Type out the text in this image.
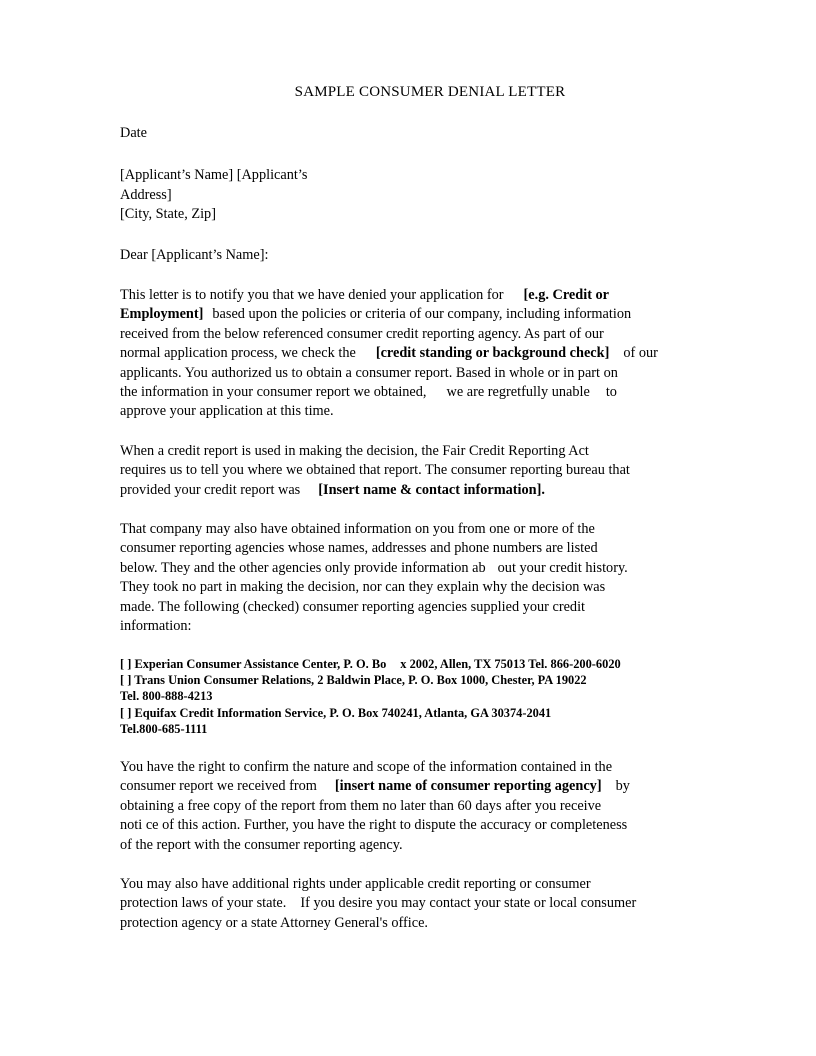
SAMPLE CONSUMER DENIAL LETTER
Date
[Applicant’s Name] [Applicant’s
Address]
[City, State, Zip]
Dear [Applicant’s Name]:
This letter is to notify you that we have denied your application for [e.g. Credit or
Employment] based upon the policies or criteria of our company, including information
received from the below referenced consumer credit reporting agency. As part of our
normal application process, we check the [credit standing or background check] of our
applicants. You authorized us to obtain a consumer report. Based in whole or in part on
the information in your consumer report we obtained, we are regretfully unable to
approve your application at this time.
When a credit report is used in making the decision, the Fair Credit Reporting Act
requires us to tell you where we obtained that report. The consumer reporting bureau that
provided your credit report was [Insert name & contact information].
That company may also have obtained information on you from one or more of the
consumer reporting agencies whose names, addresses and phone numbers are listed
below. They and the other agencies only provide information ab out your credit history.
They took no part in making the decision, nor can they explain why the decision was
made. The following (checked) consumer reporting agencies supplied your credit
information:
[ ] Experian Consumer Assistance Center, P. O. Bo x 2002, Allen, TX 75013 Tel. 866-200-6020
[ ] Trans Union Consumer Relations, 2 Baldwin Place, P. O. Box 1000, Chester, PA 19022
Tel. 800-888-4213
[ ] Equifax Credit Information Service, P. O. Box 740241, Atlanta, GA 30374-2041
Tel.800-685-1111
You have the right to confirm the nature and scope of the information contained in the
consumer report we received from [insert name of consumer reporting agency] by
obtaining a free copy of the report from them no later than 60 days after you receive
noti ce of this action. Further, you have the right to dispute the accuracy or completeness
of the report with the consumer reporting agency.
You may also have additional rights under applicable credit reporting or consumer
protection laws of your state. If you desire you may contact your state or local consumer
protection agency or a state Attorney General's office.
